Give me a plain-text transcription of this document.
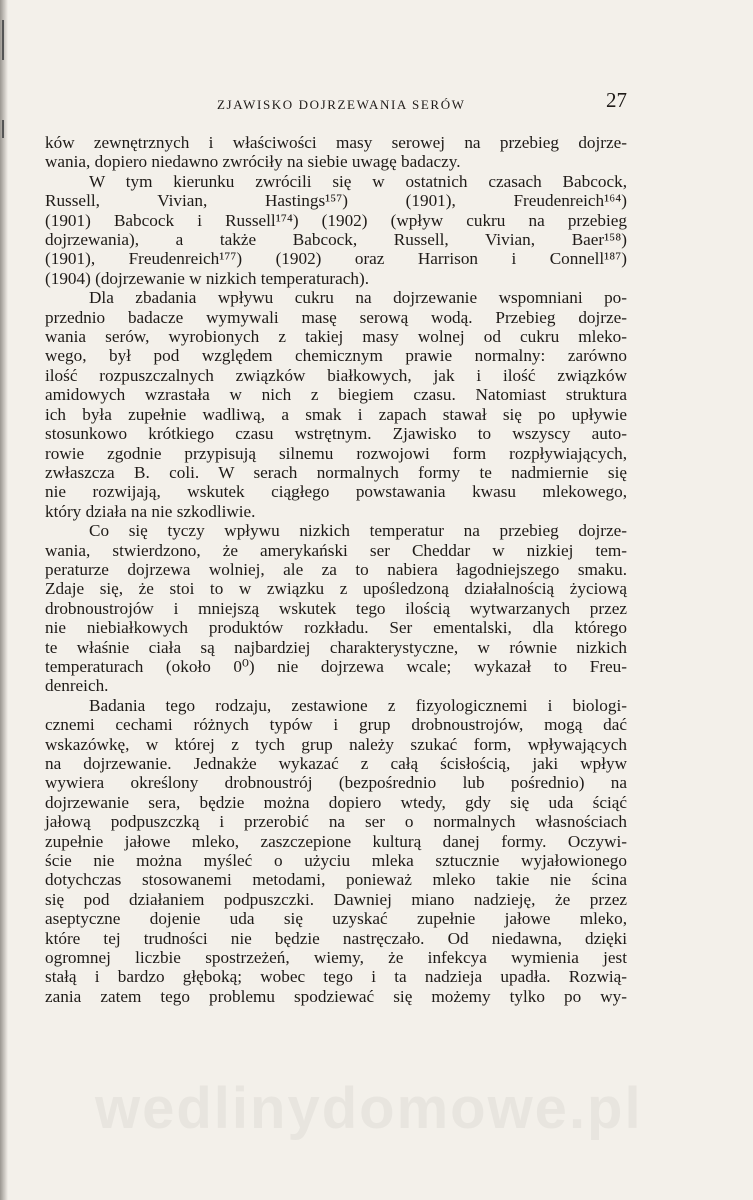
ZJAWISKO DOJRZEWANIA SERÓW	27
ków zewnętrznych i właściwości masy serowej na przebieg dojrze-
wania, dopiero niedawno zwróciły na siebie uwagę badaczy.
W tym kierunku zwrócili się w ostatnich czasach Babcock,
Russell, Vivian, Hastings¹⁵⁷) (1901), Freudenreich¹⁶⁴)
(1901) Babcock i Russell¹⁷⁴) (1902) (wpływ cukru na przebieg
dojrzewania), a także Babcock, Russell, Vivian, Baer¹⁵⁸)
(1901), Freudenreich¹⁷⁷) (1902) oraz Harrison i Connell¹⁸⁷)
(1904) (dojrzewanie w nizkich temperaturach).
Dla zbadania wpływu cukru na dojrzewanie wspomniani po-
przednio badacze wymywali masę serową wodą. Przebieg dojrze-
wania serów, wyrobionych z takiej masy wolnej od cukru mleko-
wego, był pod względem chemicznym prawie normalny: zarówno
ilość rozpuszczalnych związków białkowych, jak i ilość związków
amidowych wzrastała w nich z biegiem czasu. Natomiast struktura
ich była zupełnie wadliwą, a smak i zapach stawał się po upływie
stosunkowo krótkiego czasu wstrętnym. Zjawisko to wszyscy auto-
rowie zgodnie przypisują silnemu rozwojowi form rozpływiających,
zwłaszcza B. coli. W serach normalnych formy te nadmiernie się
nie rozwijają, wskutek ciągłego powstawania kwasu mlekowego,
który działa na nie szkodliwie.
Co się tyczy wpływu nizkich temperatur na przebieg dojrze-
wania, stwierdzono, że amerykański ser Cheddar w nizkiej tem-
peraturze dojrzewa wolniej, ale za to nabiera łagodniejszego smaku.
Zdaje się, że stoi to w związku z upośledzoną działalnością życiową
drobnoustrojów i mniejszą wskutek tego ilością wytwarzanych przez
nie niebiałkowych produktów rozkładu. Ser ementalski, dla którego
te właśnie ciała są najbardziej charakterystyczne, w równie nizkich
temperaturach (około 0⁰) nie dojrzewa wcale; wykazał to Freu-
denreich.
Badania tego rodzaju, zestawione z fizyologicznemi i biologi-
cznemi cechami różnych typów i grup drobnoustrojów, mogą dać
wskazówkę, w której z tych grup należy szukać form, wpływających
na dojrzewanie. Jednakże wykazać z całą ścisłością, jaki wpływ
wywiera określony drobnoustrój (bezpośrednio lub pośrednio) na
dojrzewanie sera, będzie można dopiero wtedy, gdy się uda ściąć
jałową podpuszczką i przerobić na ser o normalnych własnościach
zupełnie jałowe mleko, zaszczepione kulturą danej formy. Oczywi-
ście nie można myśleć o użyciu mleka sztucznie wyjałowionego
dotychczas stosowanemi metodami, ponieważ mleko takie nie ścina
się pod działaniem podpuszczki. Dawniej miano nadzieję, że przez
aseptyczne dojenie uda się uzyskać zupełnie jałowe mleko,
które tej trudności nie będzie nastręczało. Od niedawna, dzięki
ogromnej liczbie spostrzeżeń, wiemy, że infekcya wymienia jest
stałą i bardzo głęboką; wobec tego i ta nadzieja upadła. Rozwią-
zania zatem tego problemu spodziewać się możemy tylko po wy-
wedlinydomowe.pl
